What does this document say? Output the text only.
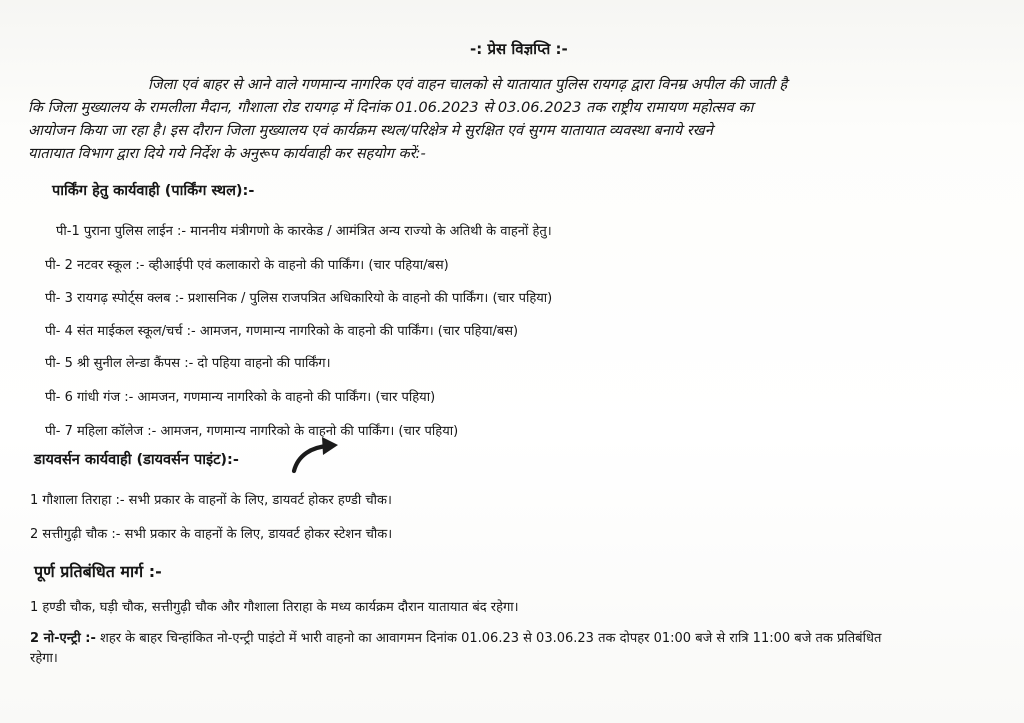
-: प्रेस विज्ञप्ति :-
जिला एवं बाहर से आने वाले गणमान्य नागरिक एवं वाहन चालको से यातायात पुलिस रायगढ़ द्वारा विनम्र अपील की जाती है
कि जिला मुख्यालय के रामलीला मैदान, गौशाला रोड रायगढ़ में दिनांक 01.06.2023 से 03.06.2023 तक राष्ट्रीय रामायण महोत्सव का
आयोजन किया जा रहा है। इस दौरान जिला मुख्यालय एवं कार्यक्रम स्थल/परिक्षेत्र मे सुरक्षित एवं सुगम यातायात व्यवस्था बनाये रखने
यातायात विभाग द्वारा दिये गये निर्देश के अनुरूप कार्यवाही कर सहयोग करें:-
पार्किंग हेतु कार्यवाही (पार्किंग स्थल):-
पी-1 पुराना पुलिस लाईन :- माननीय मंत्रीगणो के कारकेड / आमंत्रित अन्य राज्यो के अतिथी के वाहनों हेतु।
पी- 2 नटवर स्कूल :- व्हीआईपी एवं कलाकारो के वाहनो की पार्किंग। (चार पहिया/बस)
पी- 3 रायगढ़ स्पोर्ट्स क्लब :- प्रशासनिक / पुलिस राजपत्रित अधिकारियो के वाहनो की पार्किंग। (चार पहिया)
पी- 4 संत माईकल स्कूल/चर्च :- आमजन, गणमान्य नागरिको के वाहनो की पार्किंग। (चार पहिया/बस)
पी- 5 श्री सुनील लेन्डा कैंपस :- दो पहिया वाहनो की पार्किंग।
पी- 6 गांधी गंज :- आमजन, गणमान्य नागरिको के वाहनो की पार्किंग। (चार पहिया)
पी- 7 महिला कॉलेज :- आमजन, गणमान्य नागरिको के वाहनो की पार्किंग। (चार पहिया)
डायवर्सन कार्यवाही (डायवर्सन पाइंट):-
1 गौशाला तिराहा :- सभी प्रकार के वाहनों के लिए, डायवर्ट होकर हण्डी चौक।
2 सत्तीगुढ़ी चौक :- सभी प्रकार के वाहनों के लिए, डायवर्ट होकर स्टेशन चौक।
पूर्ण प्रतिबंधित मार्ग :-
1 हण्डी चौक, घड़ी चौक, सत्तीगुढ़ी चौक और गौशाला तिराहा के मध्य कार्यक्रम दौरान यातायात बंद रहेगा।
2 नो-एन्ट्री :- शहर के बाहर चिन्हांकित नो-एन्ट्री पाइंटो में भारी वाहनो का आवागमन दिनांक 01.06.23 से 03.06.23 तक दोपहर 01:00 बजे से रात्रि 11:00 बजे तक प्रतिबंधित
रहेगा।
